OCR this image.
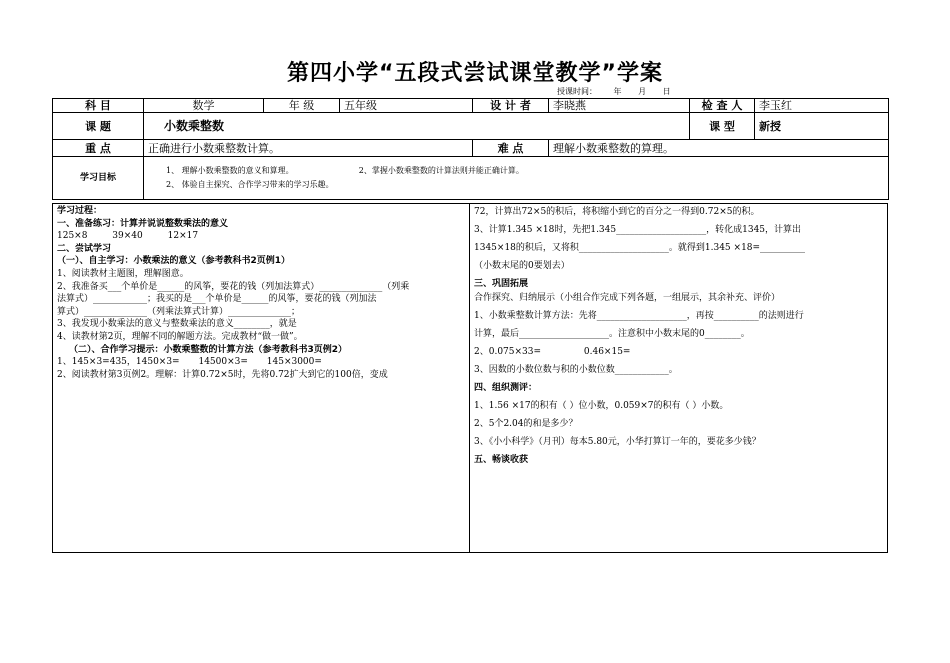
第四小学“五段式尝试课堂教学”学案
授课时间： 年 月 日
科 目	数学	年 级	五年级	设 计 者	李晓燕	检 查 人	李玉红
课 题	小数乘整数					课 型	新授
重 点	正确进行小数乘整数计算。			难 点	理解小数乘整数的算理。		
学习目标	1、 理解小数乘整数的意义和算理。 2、掌握小数乘整数的计算法则并能正确计算。
2、 体验自主探究、合作学习带来的学习乐趣。						
学习过程：
一、准备练习：计算并说说整数乘法的意义
125×8 39×40 12×17
二、尝试学习
（一）、自主学习：小数乘法的意义（参考教科书2页例1）
1、阅读教材主题图，理解图意。
2、我准备买___个单价是______的风筝，要花的钱（列加法算式）______________（列乘
法算式）____________；我买的是___个单价是______的风筝，要花的钱（列加法
算式）______________（列乘法算式计算）______________；
3、我发现小数乘法的意义与整数乘法的意义________，就是
4、读教材第2页，理解不同的解题方法。完成教材“做一做”。
（二）、合作学习提示：小数乘整数的计算方法（参考教科书3页例2）
1、145×3=435，1450×3= 14500×3= 145×3000=
2、阅读教材第3页例2。理解：计算0.72×5时，先将0.72扩大到它的100倍，变成
72，计算出72×5的积后，将积缩小到它的百分之一得到0.72×5的积。
3、计算1.345 ×18时，先把1.345____________________，转化成1345，计算出
1345×18的积后，又将积____________________。就得到1.345 ×18=__________
（小数末尾的0要划去）
三、巩固拓展
合作探究、归纳展示（小组合作完成下列各题，一组展示，其余补充、评价）
1、小数乘整数计算方法：先将____________________，再按__________的法则进行
计算，最后____________________。注意积中小数末尾的0________。
2、0.075×33= 0.46×15=
3、因数的小数位数与积的小数位数____________。
四、组织测评：
1、1.56 ×17的积有（ ）位小数，0.059×7的积有（ ）小数。
2、5个2.04的和是多少？
3、《小小科学》（月刊）每本5.80元，小华打算订一年的，要花多少钱？
五、畅谈收获
